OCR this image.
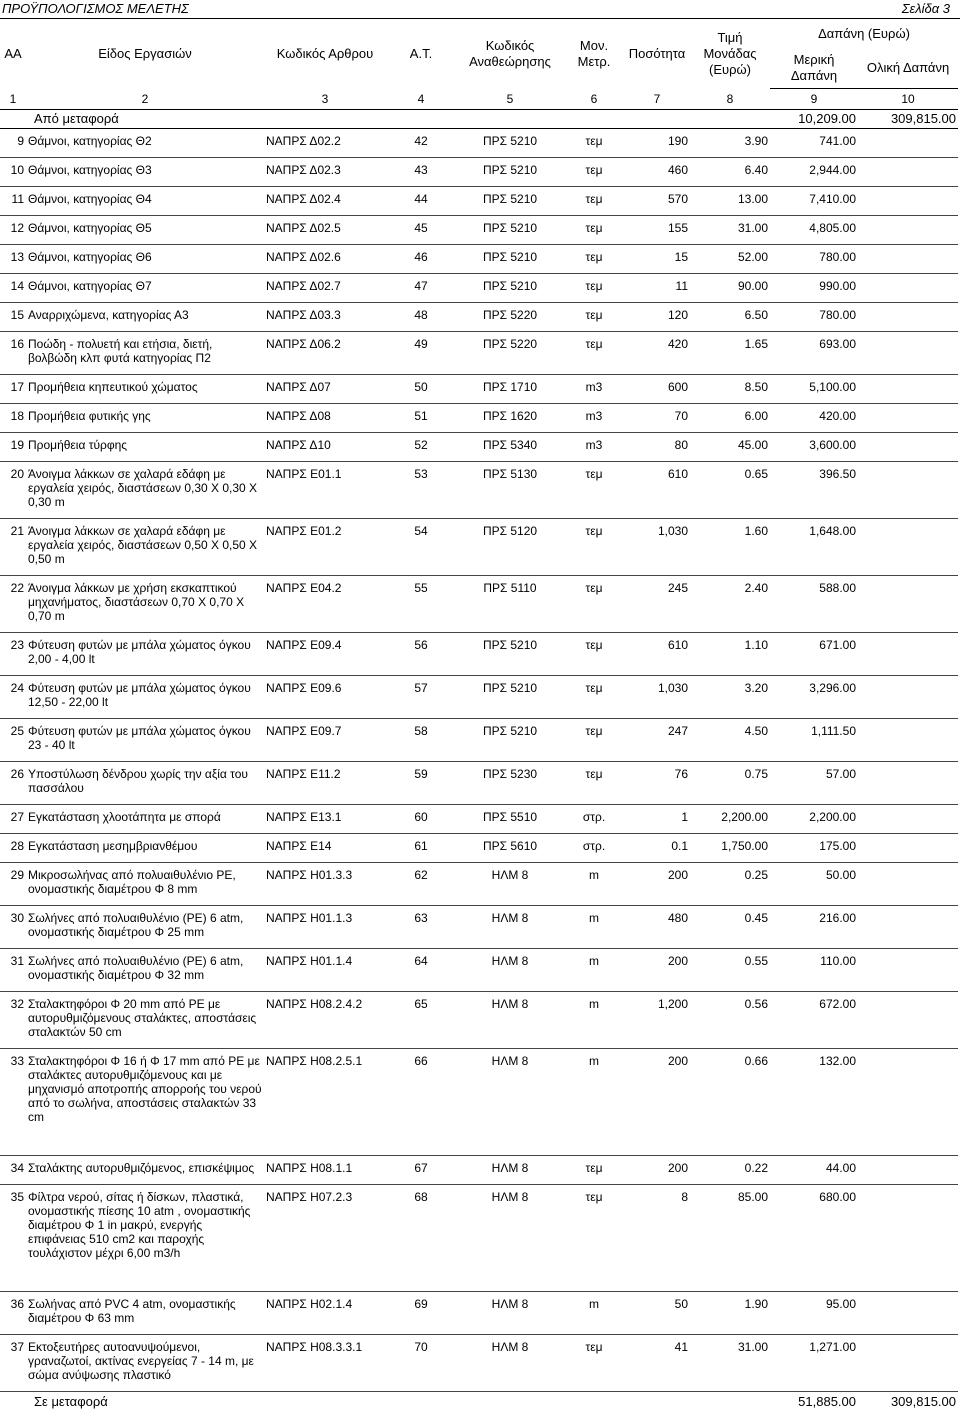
ΠΡΟΫΠΟΛΟΓΙΣΜΟΣ ΜΕΛΕΤΗΣ	Σελίδα 3
ΑΑ	Είδος Εργασιών	Κωδικός Αρθρου	Α.Τ.	Κωδικός Αναθεώρησης	Μον. Μετρ.	Ποσότητα	Τιμή Μονάδας (Ευρώ)	Δαπάνη (Ευρώ)	
								Μερική Δαπάνη	Ολική Δαπάνη
1	2	3	4	5	6	7	8	9	10
	Από μεταφορά							10,209.00	309,815.00
9	Θάμνοι, κατηγορίας Θ2	ΝΑΠΡΣ Δ02.2	42	ΠΡΣ 5210	τεμ	190	3.90	741.00	
10	Θάμνοι, κατηγορίας Θ3	ΝΑΠΡΣ Δ02.3	43	ΠΡΣ 5210	τεμ	460	6.40	2,944.00	
11	Θάμνοι, κατηγορίας Θ4	ΝΑΠΡΣ Δ02.4	44	ΠΡΣ 5210	τεμ	570	13.00	7,410.00	
12	Θάμνοι, κατηγορίας Θ5	ΝΑΠΡΣ Δ02.5	45	ΠΡΣ 5210	τεμ	155	31.00	4,805.00	
13	Θάμνοι, κατηγορίας Θ6	ΝΑΠΡΣ Δ02.6	46	ΠΡΣ 5210	τεμ	15	52.00	780.00	
14	Θάμνοι, κατηγορίας Θ7	ΝΑΠΡΣ Δ02.7	47	ΠΡΣ 5210	τεμ	11	90.00	990.00	
15	Αναρριχώμενα, κατηγορίας Α3	ΝΑΠΡΣ Δ03.3	48	ΠΡΣ 5220	τεμ	120	6.50	780.00	
16	Ποώδη - πολυετή και ετήσια, διετή, βολβώδη κλπ φυτά κατηγορίας Π2	ΝΑΠΡΣ Δ06.2	49	ΠΡΣ 5220	τεμ	420	1.65	693.00	
17	Προμήθεια κηπευτικού χώματος	ΝΑΠΡΣ Δ07	50	ΠΡΣ 1710	m3	600	8.50	5,100.00	
18	Προμήθεια φυτικής γης	ΝΑΠΡΣ Δ08	51	ΠΡΣ 1620	m3	70	6.00	420.00	
19	Προμήθεια τύρφης	ΝΑΠΡΣ Δ10	52	ΠΡΣ 5340	m3	80	45.00	3,600.00	
20	Άνοιγμα λάκκων σε χαλαρά εδάφη με εργαλεία χειρός, διαστάσεων 0,30 Χ 0,30 Χ 0,30 m	ΝΑΠΡΣ Ε01.1	53	ΠΡΣ 5130	τεμ	610	0.65	396.50	
21	Άνοιγμα λάκκων σε χαλαρά εδάφη με εργαλεία χειρός, διαστάσεων 0,50 Χ 0,50 Χ 0,50 m	ΝΑΠΡΣ Ε01.2	54	ΠΡΣ 5120	τεμ	1,030	1.60	1,648.00	
22	Άνοιγμα λάκκων με χρήση εκσκαπτικού μηχανήματος, διαστάσεων 0,70 Χ 0,70 Χ 0,70 m	ΝΑΠΡΣ Ε04.2	55	ΠΡΣ 5110	τεμ	245	2.40	588.00	
23	Φύτευση φυτών με μπάλα χώματος όγκου 2,00 - 4,00 lt	ΝΑΠΡΣ Ε09.4	56	ΠΡΣ 5210	τεμ	610	1.10	671.00	
24	Φύτευση φυτών με μπάλα χώματος όγκου 12,50 - 22,00 lt	ΝΑΠΡΣ Ε09.6	57	ΠΡΣ 5210	τεμ	1,030	3.20	3,296.00	
25	Φύτευση φυτών με μπάλα χώματος όγκου 23 - 40 lt	ΝΑΠΡΣ Ε09.7	58	ΠΡΣ 5210	τεμ	247	4.50	1,111.50	
26	Υποστύλωση δένδρου χωρίς την αξία του πασσάλου	ΝΑΠΡΣ Ε11.2	59	ΠΡΣ 5230	τεμ	76	0.75	57.00	
27	Εγκατάσταση χλοοτάπητα με σπορά	ΝΑΠΡΣ Ε13.1	60	ΠΡΣ 5510	στρ.	1	2,200.00	2,200.00	
28	Εγκατάσταση μεσημβριανθέμου	ΝΑΠΡΣ Ε14	61	ΠΡΣ 5610	στρ.	0.1	1,750.00	175.00	
29	Μικροσωλήνας από πολυαιθυλένιο PE, ονομαστικής διαμέτρου Φ 8 mm	ΝΑΠΡΣ Η01.3.3	62	ΗΛΜ 8	m	200	0.25	50.00	
30	Σωλήνες από πολυαιθυλένιο (PE) 6 atm, ονομαστικής διαμέτρου Φ 25 mm	ΝΑΠΡΣ Η01.1.3	63	ΗΛΜ 8	m	480	0.45	216.00	
31	Σωλήνες από πολυαιθυλένιο (PE) 6 atm, ονομαστικής διαμέτρου Φ 32 mm	ΝΑΠΡΣ Η01.1.4	64	ΗΛΜ 8	m	200	0.55	110.00	
32	Σταλακτηφόροι Φ 20 mm από PE με αυτορυθμιζόμενους σταλάκτες, αποστάσεις σταλακτών 50 cm	ΝΑΠΡΣ Η08.2.4.2	65	ΗΛΜ 8	m	1,200	0.56	672.00	
33	Σταλακτηφόροι Φ 16 ή Φ 17 mm από PE με σταλάκτες αυτορυθμιζόμενους και με μηχανισμό αποτροπής απορροής του νερού από το σωλήνα, αποστάσεις σταλακτών 33 cm	ΝΑΠΡΣ Η08.2.5.1	66	ΗΛΜ 8	m	200	0.66	132.00	
34	Σταλάκτης αυτορυθμιζόμενος, επισκέψιμος	ΝΑΠΡΣ Η08.1.1	67	ΗΛΜ 8	τεμ	200	0.22	44.00	
35	Φίλτρα νερού, σίτας ή δίσκων, πλαστικά, ονομαστικής πίεσης 10 atm , ονομαστικής διαμέτρου Φ 1 in μακρύ, ενεργής επιφάνειας 510 cm2 και παροχής τουλάχιστον μέχρι 6,00 m3/h	ΝΑΠΡΣ Η07.2.3	68	ΗΛΜ 8	τεμ	8	85.00	680.00	
36	Σωλήνας από PVC 4 atm, ονομαστικής διαμέτρου Φ 63 mm	ΝΑΠΡΣ Η02.1.4	69	ΗΛΜ 8	m	50	1.90	95.00	
37	Εκτοξευτήρες αυτοανυψούμενοι, γραναζωτοί, ακτίνας ενεργείας 7 - 14 m, με σώμα ανύψωσης πλαστικό	ΝΑΠΡΣ Η08.3.3.1	70	ΗΛΜ 8	τεμ	41	31.00	1,271.00	
	Σε μεταφορά							51,885.00	309,815.00
